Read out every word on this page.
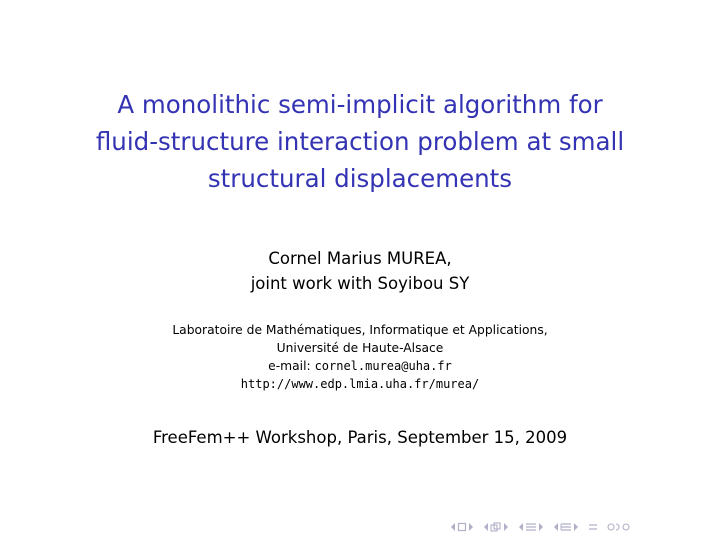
A monolithic semi-implicit algorithm for
fluid-structure interaction problem at small
structural displacements
Cornel Marius MUREA,
joint work with Soyibou SY
Laboratoire de Mathématiques, Informatique et Applications,
Université de Haute-Alsace
e-mail: cornel.murea@uha.fr
http://www.edp.lmia.uha.fr/murea/
FreeFem++ Workshop, Paris, September 15, 2009
